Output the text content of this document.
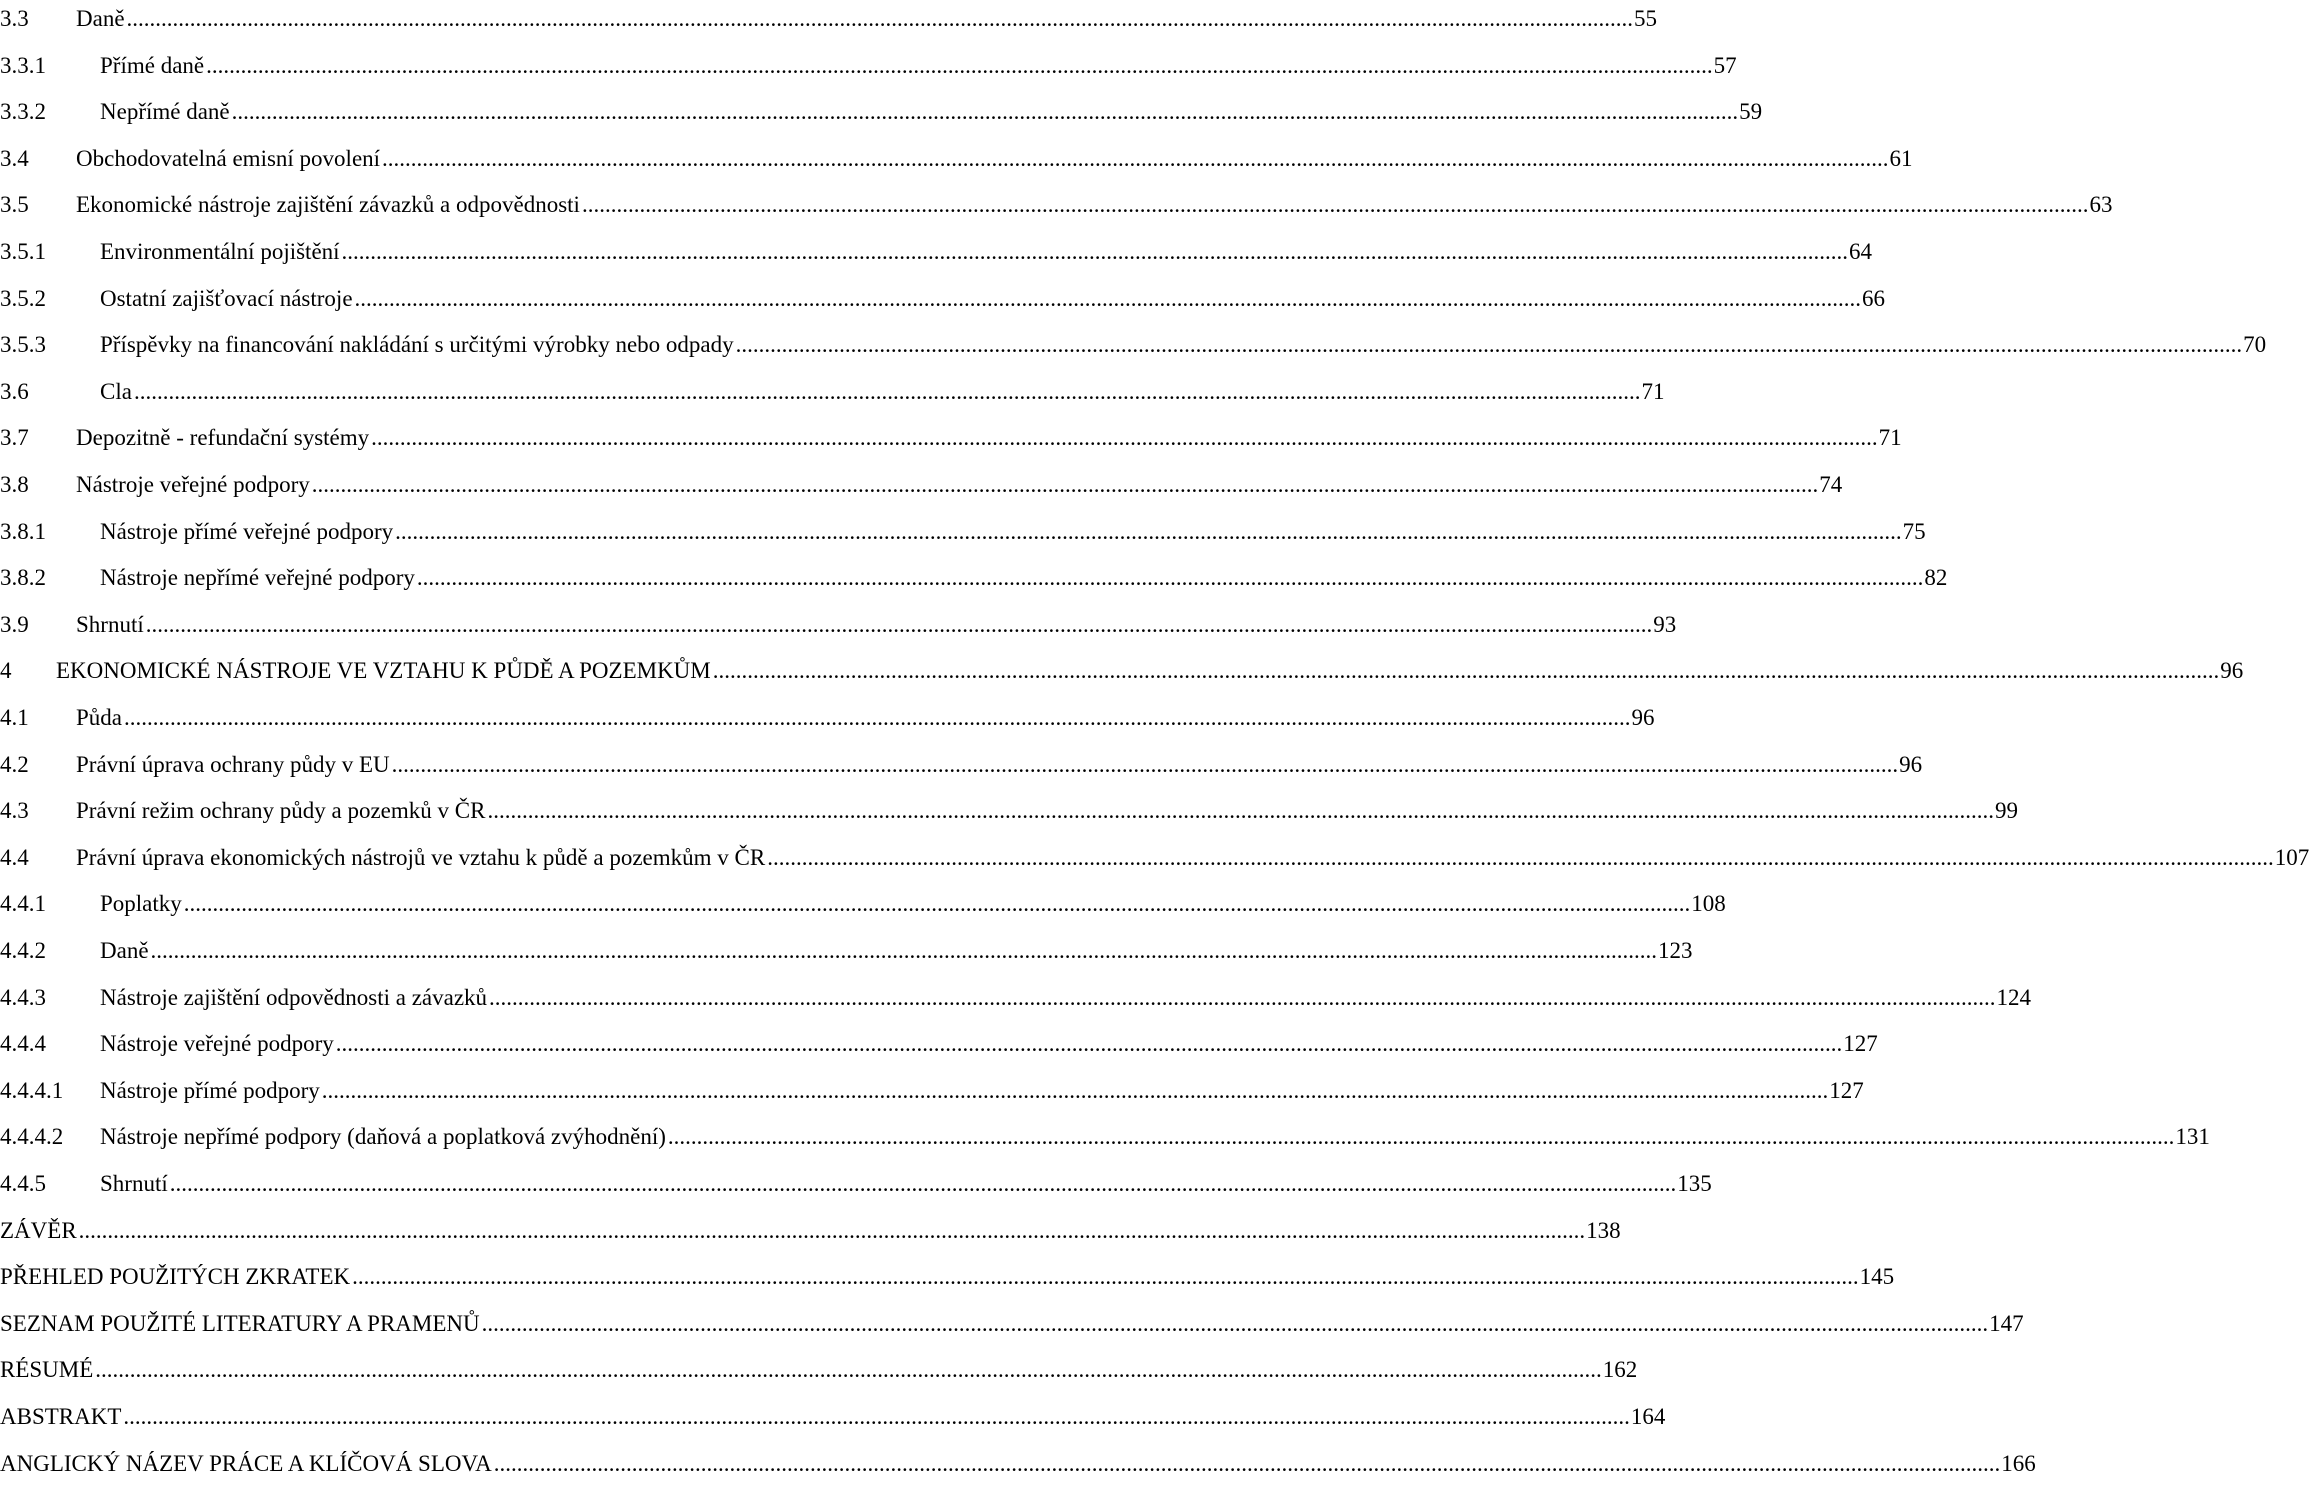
3.3	Daně .....	55
3.3.1	Přímé daně .....	57
3.3.2	Nepřímé daně .....	59
3.4	Obchodovatelná emisní povolení .....	61
3.5	Ekonomické nástroje zajištění závazků a odpovědnosti .....	63
3.5.1	Environmentální pojištění .....	64
3.5.2	Ostatní zajišťovací nástroje .....	66
3.5.3	Příspěvky na financování nakládání s určitými výrobky nebo odpady .....	70
3.6	Cla .....	71
3.7	Depozitně - refundační systémy .....	71
3.8	Nástroje veřejné podpory .....	74
3.8.1	Nástroje přímé veřejné podpory .....	75
3.8.2	Nástroje nepřímé veřejné podpory .....	82
3.9	Shrnutí .....	93
4	EKONOMICKÉ NÁSTROJE VE VZTAHU K PŮDĚ A POZEMKŮM .....	96
4.1	Půda .....	96
4.2	Právní úprava ochrany půdy v EU .....	96
4.3	Právní režim ochrany půdy a pozemků v ČR .....	99
4.4	Právní úprava ekonomických nástrojů ve vztahu k půdě a pozemkům v ČR .....	107
4.4.1	Poplatky .....	108
4.4.2	Daně .....	123
4.4.3	Nástroje zajištění odpovědnosti a závazků .....	124
4.4.4	Nástroje veřejné podpory .....	127
4.4.4.1	Nástroje přímé podpory .....	127
4.4.4.2	Nástroje nepřímé podpory (daňová a poplatková zvýhodnění) .....	131
4.4.5	Shrnutí .....	135
ZÁVĚR .....	138
PŘEHLED POUŽITÝCH ZKRATEK .....	145
SEZNAM POUŽITÉ LITERATURY A PRAMENŮ .....	147
RÉSUMÉ .....	162
ABSTRAKT .....	164
ANGLICKÝ NÁZEV PRÁCE A KLÍČOVÁ SLOVA .....	166
